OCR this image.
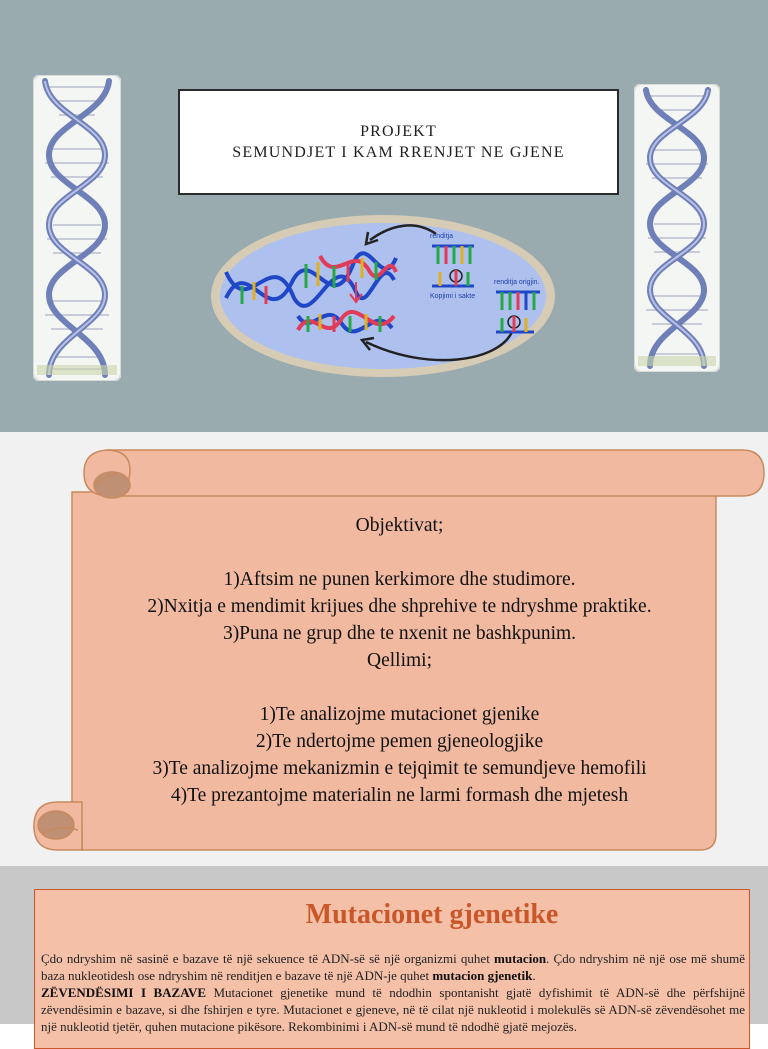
PROJEKT
SEMUNDJET I KAM RRENJET NE GJENE
renditja
Kopjimi i sakte
renditja origjin.
Objektivat;

1)Aftsim ne punen kerkimore dhe studimore.
2)Nxitja e mendimit krijues dhe shprehive te ndryshme praktike.
3)Puna ne grup dhe te nxenit ne bashkpunim.
Qellimi;

1)Te analizojme mutacionet gjenike
2)Te ndertojme pemen gjeneologjike
3)Te analizojme mekanizmin e tejqimit te semundjeve hemofili
4)Te prezantojme materialin ne larmi formash dhe mjetesh
Mutacionet gjenetike
Çdo ndryshim në sasinë e bazave të një sekuence të ADN-së së një organizmi quhet mutacion. Çdo ndryshim në një ose më shumë baza nukleotidesh ose ndryshim në renditjen e bazave të një ADN-je quhet mutacion gjenetik.
ZËVENDËSIMI I BAZAVE Mutacionet gjenetike mund të ndodhin spontanisht gjatë dyfishimit të ADN-së dhe përfshijnë zëvendësimin e bazave, si dhe fshirjen e tyre. Mutacionet e gjeneve, në të cilat një nukleotid i molekulës së ADN-së zëvendësohet me një nukleotid tjetër, quhen mutacione pikësore. Rekombinimi i ADN-së mund të ndodhë gjatë mejozës.
